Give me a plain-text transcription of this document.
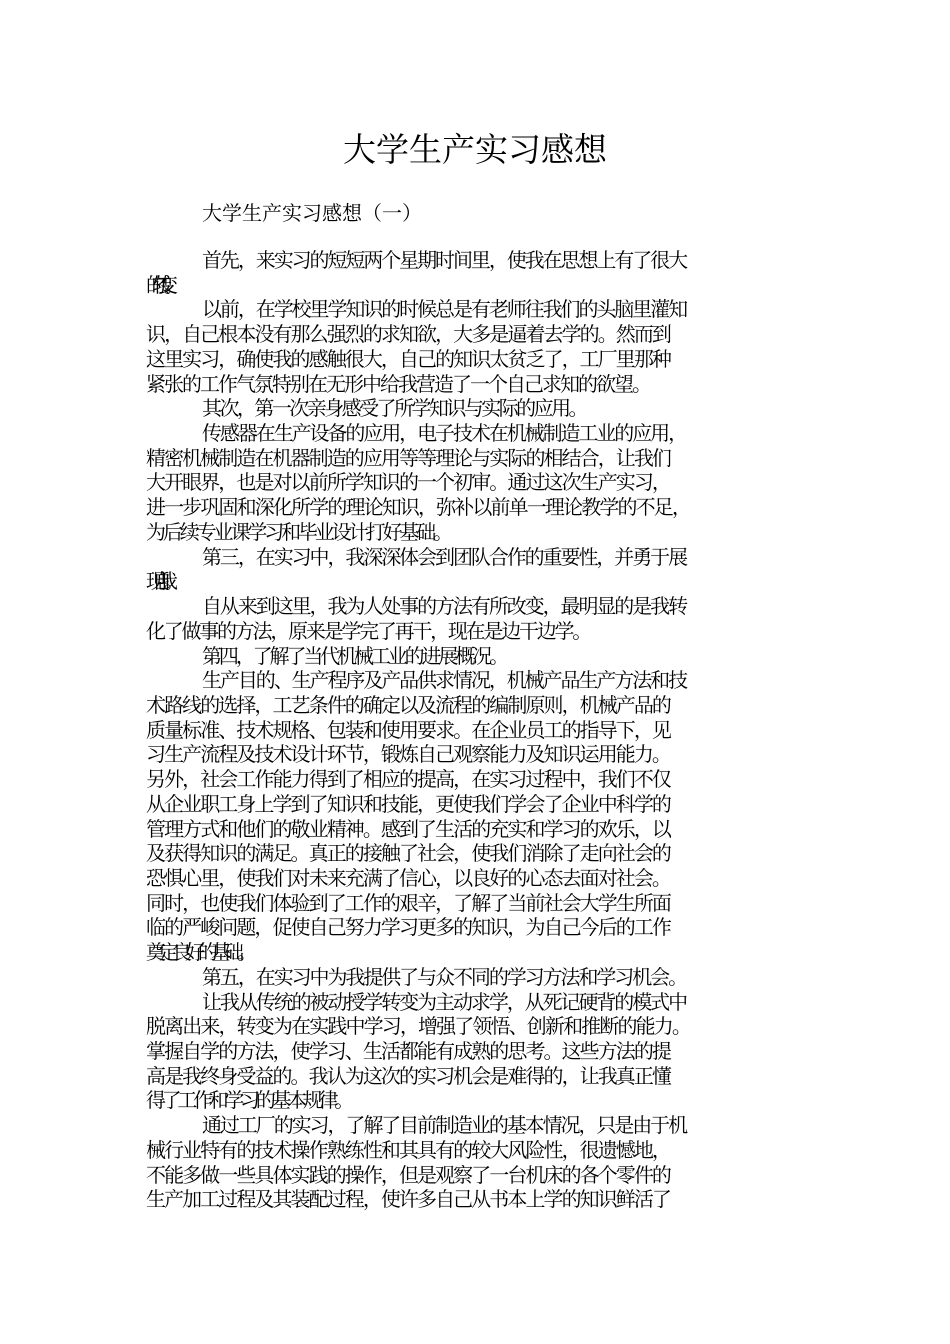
大学生产实习感想
大学生产实习感想（一）
首先，来实习的短短两个星期时间里，使我在思想上有了很大
的转变。
以前，在学校里学知识的时候总是有老师往我们的头脑里灌知
识，自己根本没有那么强烈的求知欲，大多是逼着去学的。然而到
这里实习，确使我的感触很大，自己的知识太贫乏了，工厂里那种
紧张的工作气氛特别在无形中给我营造了一个自己求知的欲望。
其次，第一次亲身感受了所学知识与实际的应用。
传感器在生产设备的应用，电子技术在机械制造工业的应用，
精密机械制造在机器制造的应用等等理论与实际的相结合，让我们
大开眼界，也是对以前所学知识的一个初审。通过这次生产实习，
进一步巩固和深化所学的理论知识，弥补以前单一理论教学的不足，
为后续专业课学习和毕业设计打好基础。
第三，在实习中，我深深体会到团队合作的重要性，并勇于展
现自我。
自从来到这里，我为人处事的方法有所改变，最明显的是我转
化了做事的方法，原来是学完了再干，现在是边干边学。
第四，了解了当代机械工业的进展概况。
生产目的、生产程序及产品供求情况，机械产品生产方法和技
术路线的选择，工艺条件的确定以及流程的编制原则，机械产品的
质量标准、技术规格、包装和使用要求。在企业员工的指导下，见
习生产流程及技术设计环节，锻炼自己观察能力及知识运用能力。
另外，社会工作能力得到了相应的提高，在实习过程中，我们不仅
从企业职工身上学到了知识和技能，更使我们学会了企业中科学的
管理方式和他们的敬业精神。感到了生活的充实和学习的欢乐，以
及获得知识的满足。真正的接触了社会，使我们消除了走向社会的
恐惧心里，使我们对未来充满了信心，以良好的心态去面对社会。
同时，也使我们体验到了工作的艰辛，了解了当前社会大学生所面
临的严峻问题，促使自己努力学习更多的知识，为自己今后的工作
奠定良好的基础。
第五，在实习中为我提供了与众不同的学习方法和学习机会。
让我从传统的被动授学转变为主动求学，从死记硬背的模式中
脱离出来，转变为在实践中学习，增强了领悟、创新和推断的能力。
掌握自学的方法，使学习、生活都能有成熟的思考。这些方法的提
高是我终身受益的。我认为这次的实习机会是难得的，让我真正懂
得了工作和学习的基本规律。
通过工厂的实习，了解了目前制造业的基本情况，只是由于机
械行业特有的技术操作熟练性和其具有的较大风险性，很遗憾地，
不能多做一些具体实践的操作，但是观察了一台机床的各个零件的
生产加工过程及其装配过程，使许多自己从书本上学的知识鲜活了
